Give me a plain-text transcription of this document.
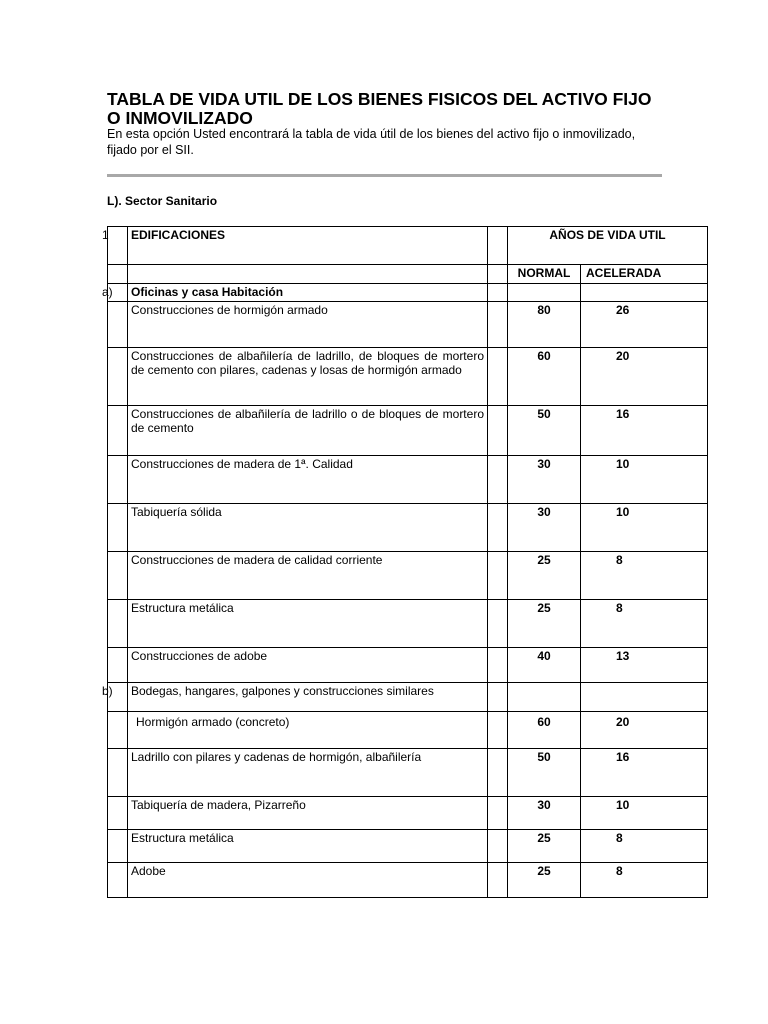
TABLA DE VIDA UTIL DE LOS BIENES FISICOS DEL ACTIVO FIJO O INMOVILIZADO
En esta opción Usted encontrará la tabla de vida útil de los bienes del activo fijo o inmovilizado, fijado por el SII.
L). Sector Sanitario
1	EDIFICACIONES		AÑOS DE VIDA UTIL	
			NORMAL	ACELERADA

a)	Oficinas y casa Habitación			
	Construcciones de hormigón armado		80	26
	Construcciones de albañilería de ladrillo, de bloques de mortero de cemento con pilares, cadenas y losas de hormigón armado		60	20
	Construcciones de albañilería de ladrillo o de bloques de mortero de cemento		50	16
	Construcciones de madera de 1ª. Calidad		30	10
	Tabiquería sólida		30	10
	Construcciones de madera de calidad corriente		25	8
	Estructura metálica		25	8
	Construcciones de adobe		40	13

b)	Bodegas, hangares, galpones y construcciones similares			
	Hormigón armado (concreto)		60	20
	Ladrillo con pilares y cadenas de hormigón, albañilería		50	16
	Tabiquería de madera, Pizarreño		30	10
	Estructura metálica		25	8
	Adobe		25	8
